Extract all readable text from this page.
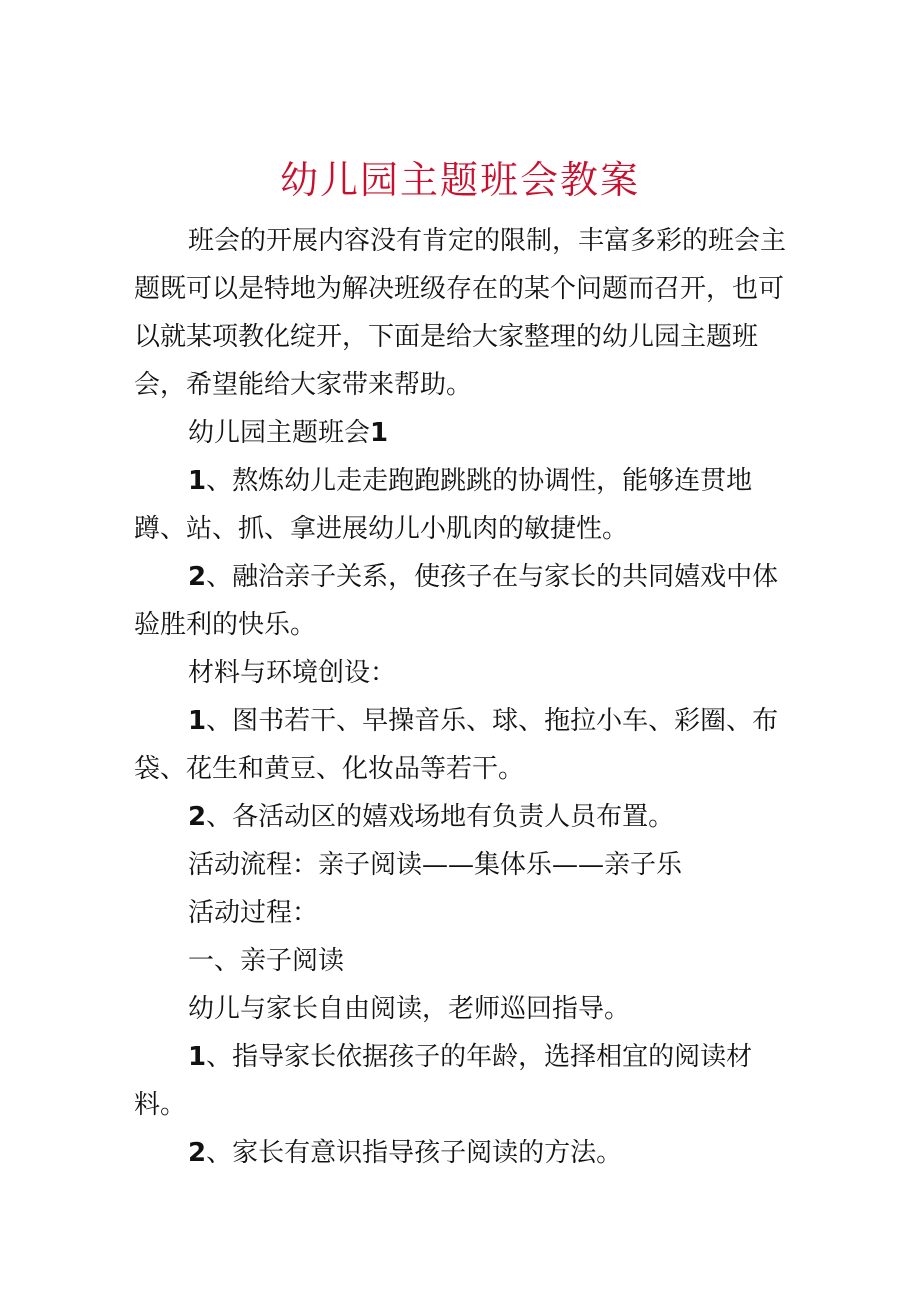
幼儿园主题班会教案

班会的开展内容没有肯定的限制，丰富多彩的班会主题既可以是特地为解决班级存在的某个问题而召开，也可以就某项教化绽开，下面是给大家整理的幼儿园主题班会，希望能给大家带来帮助。

幼儿园主题班会1

1、熬炼幼儿走走跑跑跳跳的协调性，能够连贯地蹲、站、抓、拿进展幼儿小肌肉的敏捷性。

2、融洽亲子关系，使孩子在与家长的共同嬉戏中体验胜利的快乐。

材料与环境创设：

1、图书若干、早操音乐、球、拖拉小车、彩圈、布袋、花生和黄豆、化妆品等若干。

2、各活动区的嬉戏场地有负责人员布置。

活动流程：亲子阅读——集体乐——亲子乐

活动过程：

一、亲子阅读

幼儿与家长自由阅读，老师巡回指导。

1、指导家长依据孩子的年龄，选择相宜的阅读材料。

2、家长有意识指导孩子阅读的方法。
